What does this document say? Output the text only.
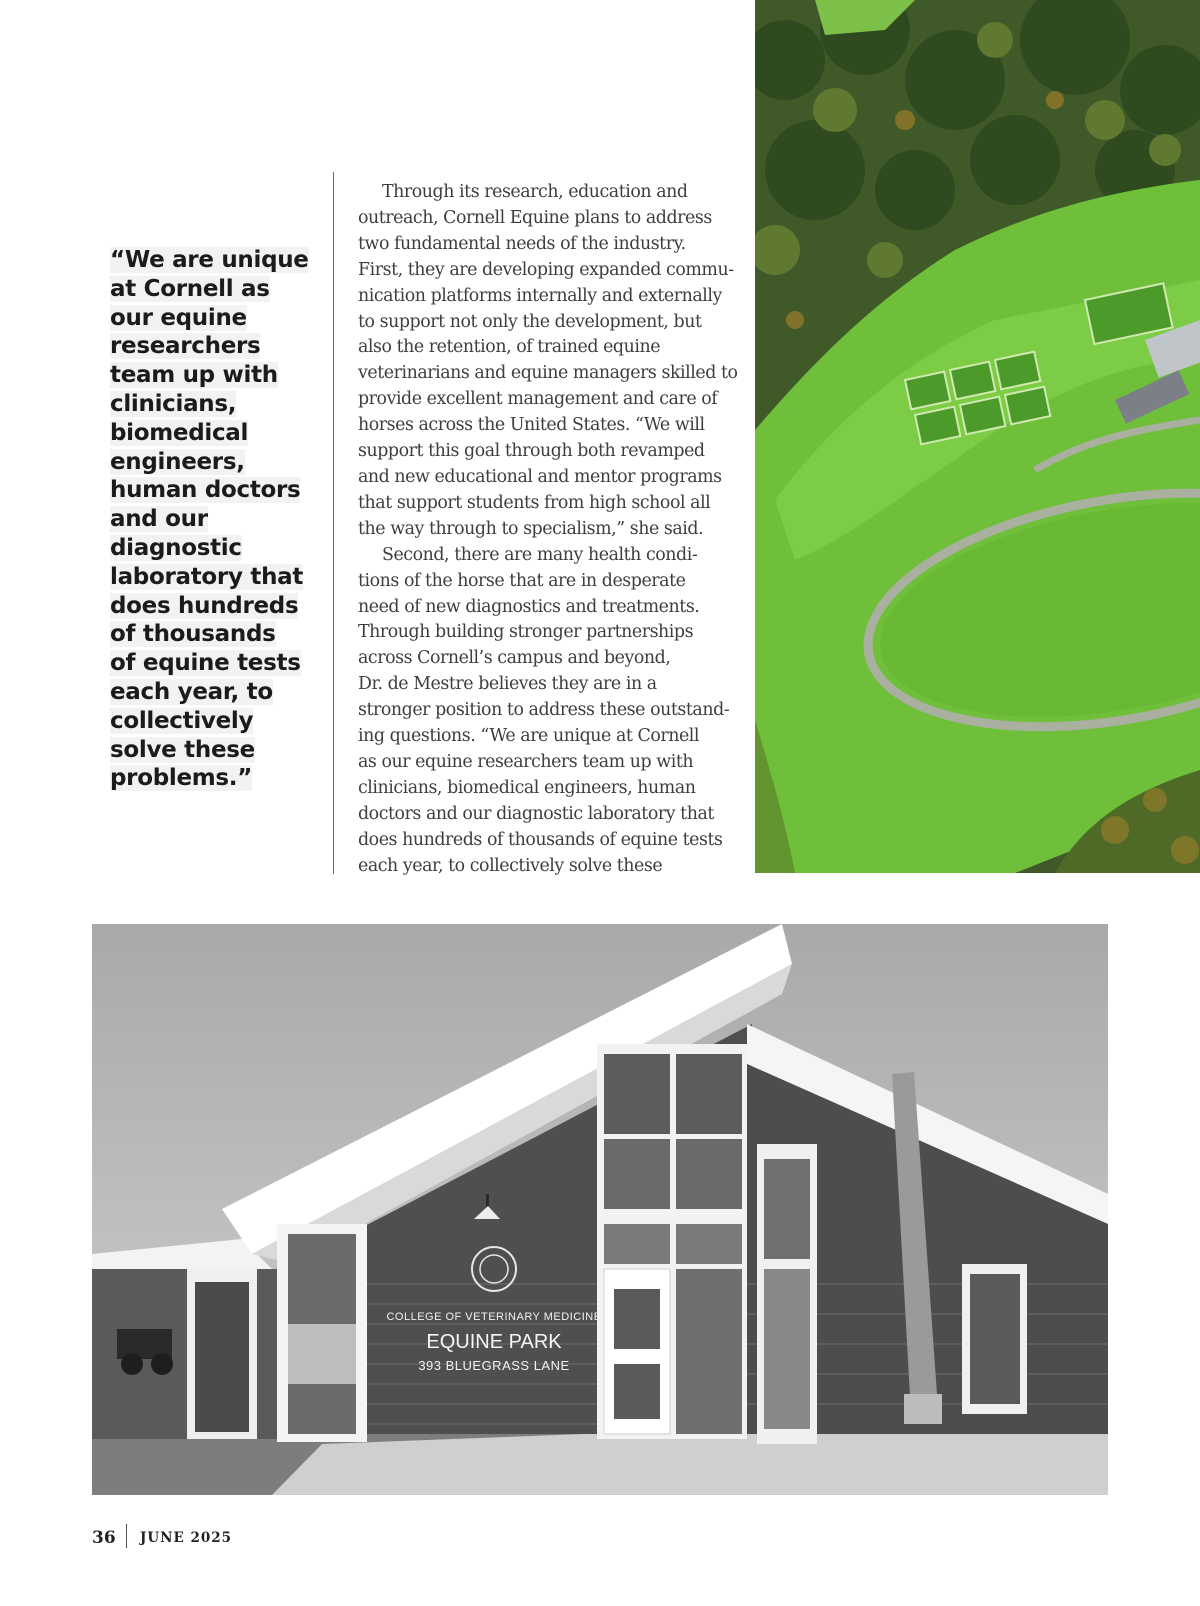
“We are unique
at Cornell as
our equine
researchers
team up with
clinicians,
biomedical
engineers,
human doctors
and our
diagnostic
laboratory that
does hundreds
of thousands
of equine tests
each year, to
collectively
solve these
problems.”

Through its research, education and

outreach, Cornell Equine plans to address

two fundamental needs of the industry.

First, they are developing expanded commu-

nication platforms internally and externally

to support not only the development, but

also the retention, of trained equine

veterinarians and equine managers skilled to

provide excellent management and care of

horses across the United States. “We will

support this goal through both revamped

and new educational and mentor programs

that support students from high school all

the way through to specialism,” she said.

Second, there are many health condi-

tions of the horse that are in desperate

need of new diagnostics and treatments.

Through building stronger partnerships

across Cornell’s campus and beyond,

Dr. de Mestre believes they are in a

stronger position to address these outstand-

ing questions. “We are unique at Cornell

as our equine researchers team up with

clinicians, biomedical engineers, human

doctors and our diagnostic laboratory that

does hundreds of thousands of equine tests

each year, to collectively solve these

COLLEGE OF VETERINARY MEDICINE
EQUINE PARK
393 BLUEGRASS LANE
36 JUNE 2025
